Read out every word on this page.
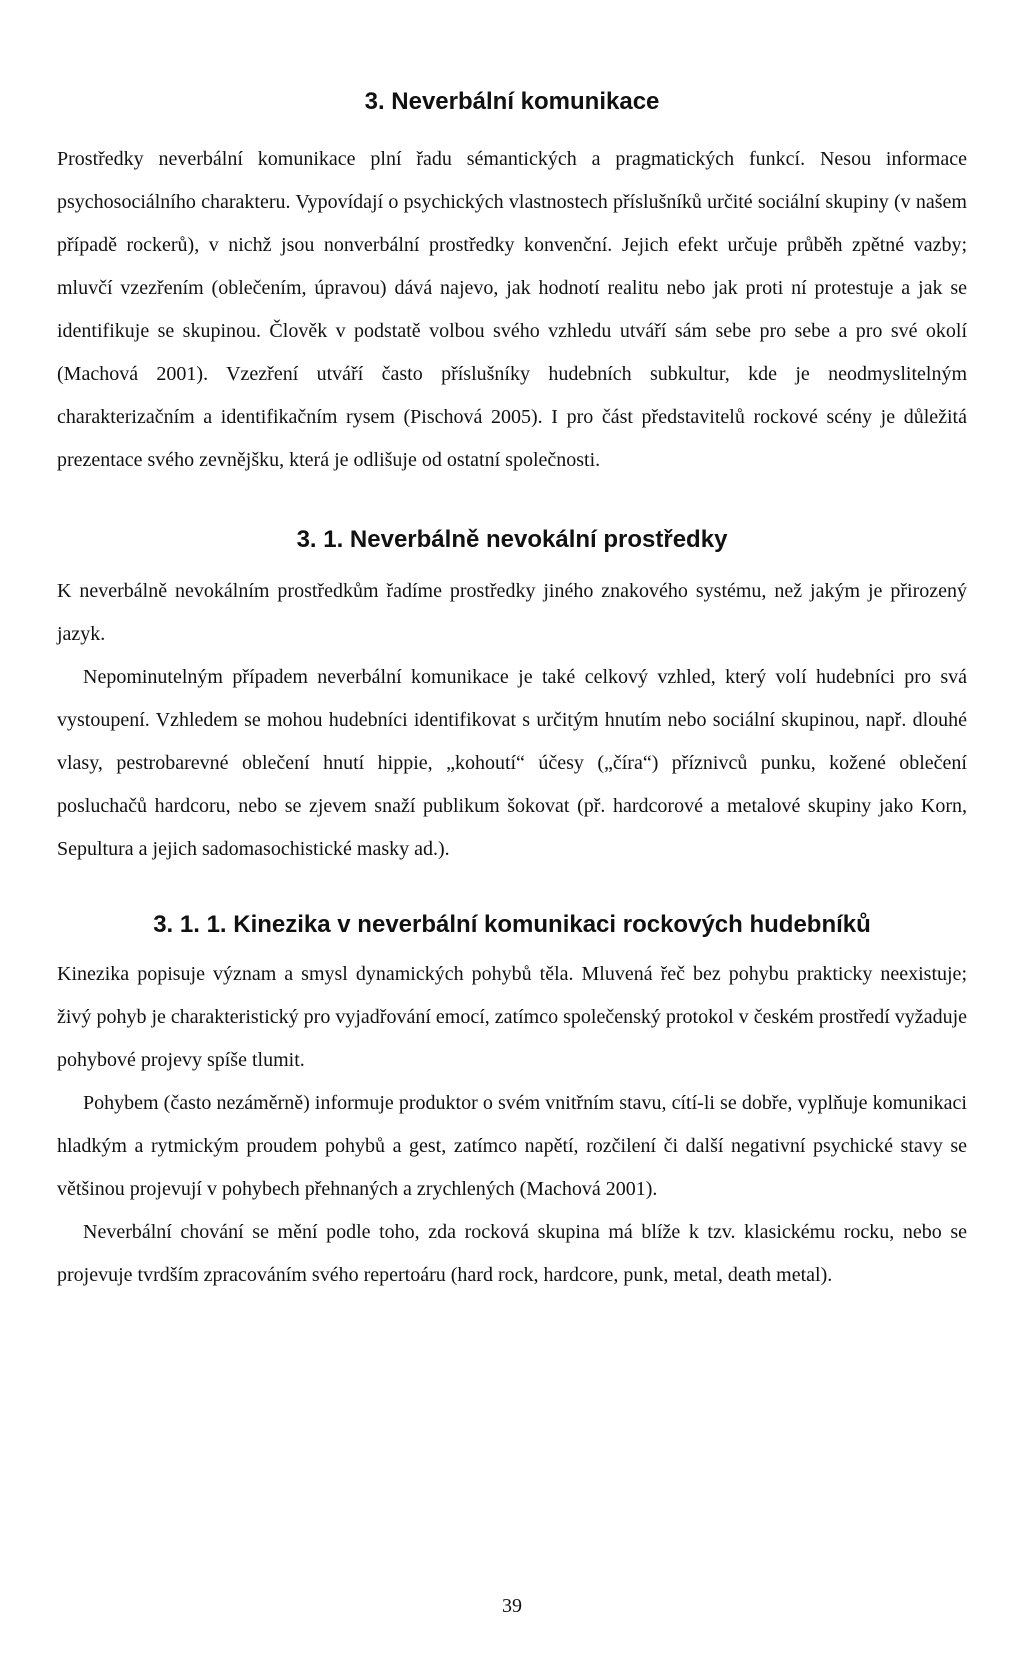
3. Neverbální komunikace

Prostředky neverbální komunikace plní řadu sémantických a pragmatických funkcí. Nesou informace psychosociálního charakteru. Vypovídají o psychických vlastnostech příslušníků určité sociální skupiny (v našem případě rockerů), v nichž jsou nonverbální prostředky konvenční. Jejich efekt určuje průběh zpětné vazby; mluvčí vzezřením (oblečením, úpravou) dává najevo, jak hodnotí realitu nebo jak proti ní protestuje a jak se identifikuje se skupinou. Člověk v podstatě volbou svého vzhledu utváří sám sebe pro sebe a pro své okolí (Machová 2001). Vzezření utváří často příslušníky hudebních subkultur, kde je neodmyslitelným charakterizačním a identifikačním rysem (Pischová 2005). I pro část představitelů rockové scény je důležitá prezentace svého zevnějšku, která je odlišuje od ostatní společnosti.

3. 1. Neverbálně nevokální prostředky

K neverbálně nevokálním prostředkům řadíme prostředky jiného znakového systému, než jakým je přirozený jazyk.

Nepominutelným případem neverbální komunikace je také celkový vzhled, který volí hudebníci pro svá vystoupení. Vzhledem se mohou hudebníci identifikovat s určitým hnutím nebo sociální skupinou, např. dlouhé vlasy, pestrobarevné oblečení hnutí hippie, „kohoutí“ účesy („číra“) příznivců punku, kožené oblečení posluchačů hardcoru, nebo se zjevem snaží publikum šokovat (př. hardcorové a metalové skupiny jako Korn, Sepultura a jejich sadomasochistické masky ad.).

3. 1. 1. Kinezika v neverbální komunikaci rockových hudebníků

Kinezika popisuje význam a smysl dynamických pohybů těla. Mluvená řeč bez pohybu prakticky neexistuje; živý pohyb je charakteristický pro vyjadřování emocí, zatímco společenský protokol v českém prostředí vyžaduje pohybové projevy spíše tlumit.

Pohybem (často nezáměrně) informuje produktor o svém vnitřním stavu, cítí-li se dobře, vyplňuje komunikaci hladkým a rytmickým proudem pohybů a gest, zatímco napětí, rozčilení či další negativní psychické stavy se většinou projevují v pohybech přehnaných a zrychlených (Machová 2001).

Neverbální chování se mění podle toho, zda rocková skupina má blíže k tzv. klasickému rocku, nebo se projevuje tvrdším zpracováním svého repertoáru (hard rock, hardcore, punk, metal, death metal).

39
